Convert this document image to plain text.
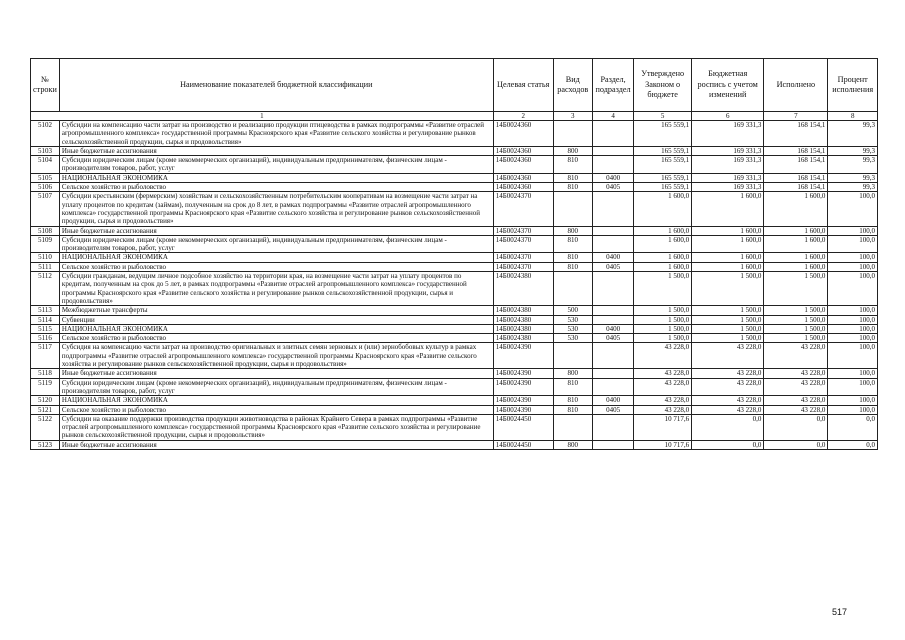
№ строки	Наименование показателей бюджетной классификации	Целевая статья	Вид расходов	Раздел, подраздел	Утверждено Законом о бюджете	Бюджетная роспись с учетом изменений	Исполнено	Процент исполнения
1		2	3	4	5	6	7	8
5102	Субсидии на компенсацию части затрат на производство и реализацию продукции птицеводства в рамках подпрограммы «Развитие отраслей агропромышленного комплекса» государственной программы Красноярского края «Развитие сельского хозяйства и регулирование рынков сельскохозяйственной продукции, сырья и продовольствия»	14Б0024360			165 559,1	169 331,3	168 154,1	99,3
5103	Иные бюджетные ассигнования	14Б0024360	800		165 559,1	169 331,3	168 154,1	99,3
5104	Субсидии юридическим лицам (кроме некоммерческих организаций), индивидуальным предпринимателям, физическим лицам - производителям товаров, работ, услуг	14Б0024360	810		165 559,1	169 331,3	168 154,1	99,3
5105	НАЦИОНАЛЬНАЯ ЭКОНОМИКА	14Б0024360	810	0400	165 559,1	169 331,3	168 154,1	99,3
5106	Сельское хозяйство и рыболовство	14Б0024360	810	0405	165 559,1	169 331,3	168 154,1	99,3
5107	Субсидии крестьянским (фермерским) хозяйствам и сельскохозяйственным потребительским кооперативам на возмещение части затрат на уплату процентов по кредитам (займам), полученным на срок до 8 лет, в рамках подпрограммы «Развитие отраслей агропромышленного комплекса» государственной программы Красноярского края «Развитие сельского хозяйства и регулирование рынков сельскохозяйственной продукции, сырья и продовольствия»	14Б0024370			1 600,0	1 600,0	1 600,0	100,0
5108	Иные бюджетные ассигнования	14Б0024370	800		1 600,0	1 600,0	1 600,0	100,0
5109	Субсидии юридическим лицам (кроме некоммерческих организаций), индивидуальным предпринимателям, физическим лицам - производителям товаров, работ, услуг	14Б0024370	810		1 600,0	1 600,0	1 600,0	100,0
5110	НАЦИОНАЛЬНАЯ ЭКОНОМИКА	14Б0024370	810	0400	1 600,0	1 600,0	1 600,0	100,0
5111	Сельское хозяйство и рыболовство	14Б0024370	810	0405	1 600,0	1 600,0	1 600,0	100,0
5112	Субсидии гражданам, ведущим личное подсобное хозяйство на территории края, на возмещение части затрат на уплату процентов по кредитам, полученным на срок до 5 лет, в рамках подпрограммы «Развитие отраслей агропромышленного комплекса» государственной программы Красноярского края «Развитие сельского хозяйства и регулирование рынков сельскохозяйственной продукции, сырья и продовольствия»	14Б0024380			1 500,0	1 500,0	1 500,0	100,0
5113	Межбюджетные трансферты	14Б0024380	500		1 500,0	1 500,0	1 500,0	100,0
5114	Субвенции	14Б0024380	530		1 500,0	1 500,0	1 500,0	100,0
5115	НАЦИОНАЛЬНАЯ ЭКОНОМИКА	14Б0024380	530	0400	1 500,0	1 500,0	1 500,0	100,0
5116	Сельское хозяйство и рыболовство	14Б0024380	530	0405	1 500,0	1 500,0	1 500,0	100,0
5117	Субсидия на компенсацию части затрат на производство оригинальных и элитных семян зерновых и (или) зернобобовых культур в рамках подпрограммы «Развитие отраслей агропромышленного комплекса» государственной программы Красноярского края «Развитие сельского хозяйства и регулирование рынков сельскохозяйственной продукции, сырья и продовольствия»	14Б0024390			43 228,0	43 228,0	43 228,0	100,0
5118	Иные бюджетные ассигнования	14Б0024390	800		43 228,0	43 228,0	43 228,0	100,0
5119	Субсидии юридическим лицам (кроме некоммерческих организаций), индивидуальным предпринимателям, физическим лицам - производителям товаров, работ, услуг	14Б0024390	810		43 228,0	43 228,0	43 228,0	100,0
5120	НАЦИОНАЛЬНАЯ ЭКОНОМИКА	14Б0024390	810	0400	43 228,0	43 228,0	43 228,0	100,0
5121	Сельское хозяйство и рыболовство	14Б0024390	810	0405	43 228,0	43 228,0	43 228,0	100,0
5122	Субсидии на оказание поддержки производства продукции животноводства в районах Крайнего Севера в рамках подпрограммы «Развитие отраслей агропромышленного комплекса» государственной программы Красноярского края «Развитие сельского хозяйства и регулирование рынков сельскохозяйственной продукции, сырья и продовольствия»	14Б0024450			10 717,6	0,0	0,0	0,0
5123	Иные бюджетные ассигнования	14Б0024450	800		10 717,6	0,0	0,0	0,0
517
